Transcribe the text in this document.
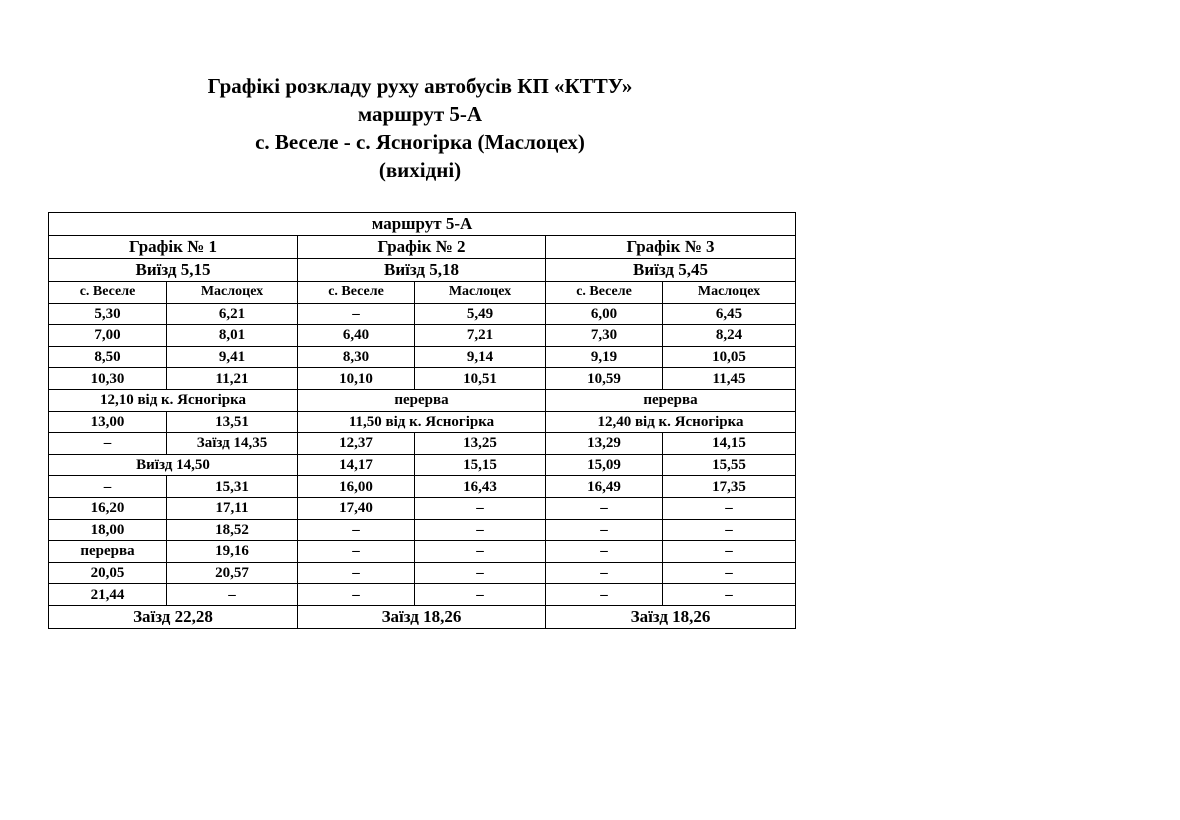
Графікі розкладу руху автобусів КП «КТТУ»
маршрут 5-А
с. Веселе - с. Ясногірка (Маслоцех)
(вихідні)
маршрут 5-А					
Графік № 1		Графік № 2		Графік № 3	
Виїзд 5,15		Виїзд 5,18		Виїзд 5,45	
с. Веселе	Маслоцех	с. Веселе	Маслоцех	с. Веселе	Маслоцех
5,30	6,21	–	5,49	6,00	6,45
7,00	8,01	6,40	7,21	7,30	8,24
8,50	9,41	8,30	9,14	9,19	10,05
10,30	11,21	10,10	10,51	10,59	11,45
12,10 від к. Ясногірка		перерва		перерва	
13,00	13,51	11,50 від к. Ясногірка		12,40 від к. Ясногірка	
–	Заїзд 14,35	12,37	13,25	13,29	14,15
Виїзд 14,50		14,17	15,15	15,09	15,55
–	15,31	16,00	16,43	16,49	17,35
16,20	17,11	17,40	–	–	–
18,00	18,52	–	–	–	–
перерва	19,16	–	–	–	–
20,05	20,57	–	–	–	–
21,44	–	–	–	–	–
Заїзд 22,28		Заїзд 18,26		Заїзд 18,26	
